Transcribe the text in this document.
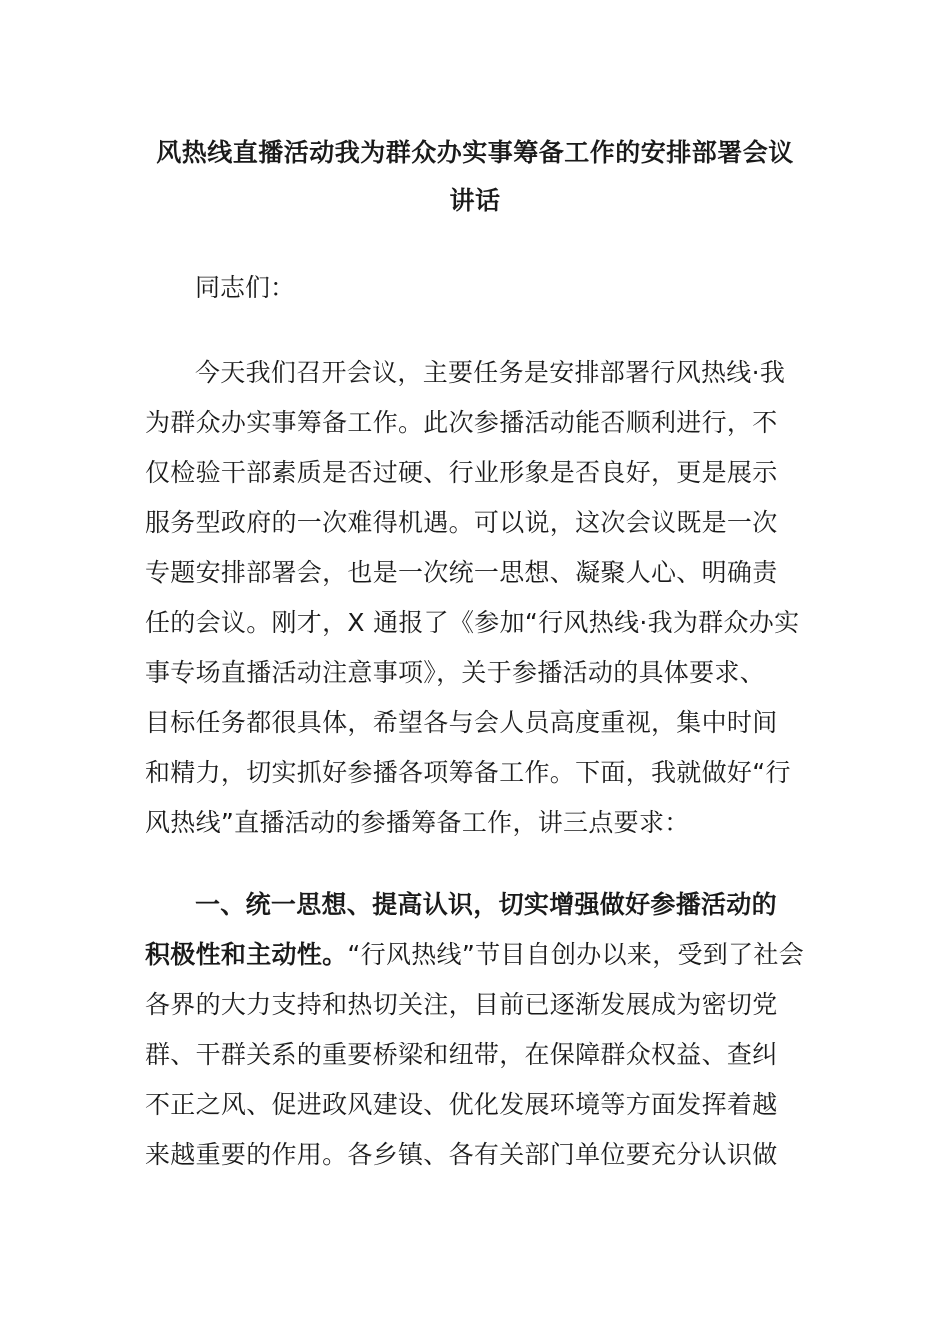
风热线直播活动我为群众办实事筹备工作的安排部署会议
讲话
同志们：
今天我们召开会议，主要任务是安排部署行风热线·我
为群众办实事筹备工作。此次参播活动能否顺利进行，不
仅检验干部素质是否过硬、行业形象是否良好，更是展示
服务型政府的一次难得机遇。可以说，这次会议既是一次
专题安排部署会，也是一次统一思想、凝聚人心、明确责
任的会议。刚才，X 通报了《参加“行风热线·我为群众办实
事专场直播活动注意事项》，关于参播活动的具体要求、
目标任务都很具体，希望各与会人员高度重视，集中时间
和精力，切实抓好参播各项筹备工作。下面，我就做好“行
风热线”直播活动的参播筹备工作，讲三点要求：
一、统一思想、提高认识，切实增强做好参播活动的
积极性和主动性。“行风热线”节目自创办以来，受到了社会
各界的大力支持和热切关注，目前已逐渐发展成为密切党
群、干群关系的重要桥梁和纽带，在保障群众权益、查纠
不正之风、促进政风建设、优化发展环境等方面发挥着越
来越重要的作用。各乡镇、各有关部门单位要充分认识做
